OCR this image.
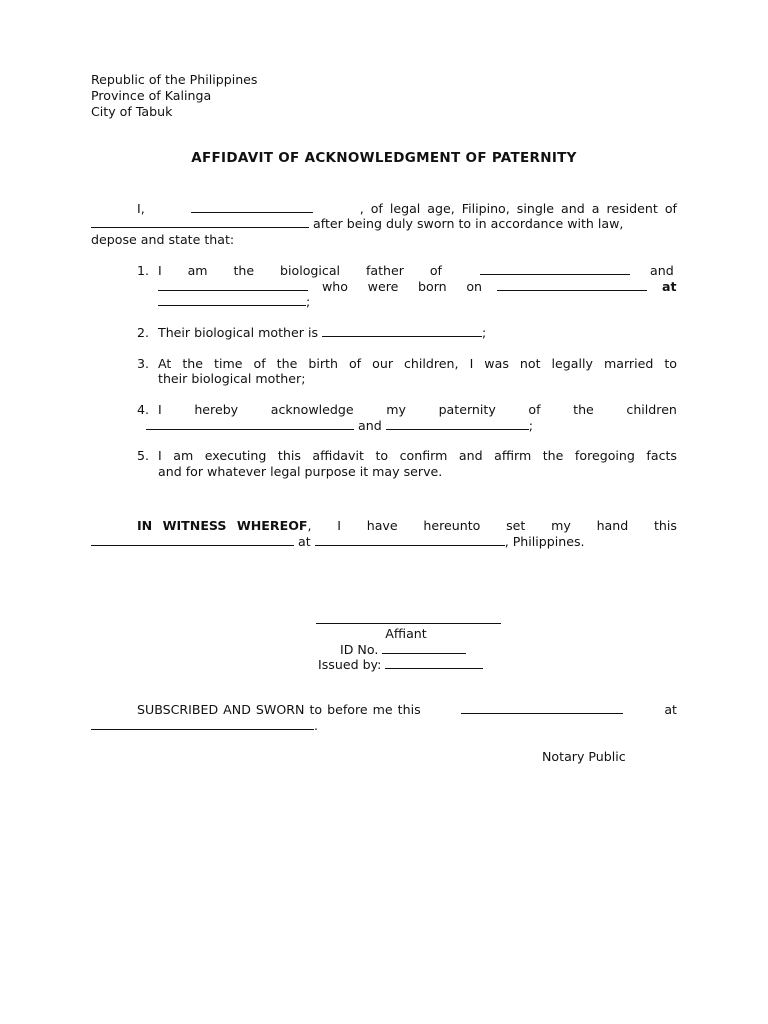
Republic of the Philippines
Province of Kalinga
City of Tabuk
AFFIDAVIT OF ACKNOWLEDGMENT OF PATERNITY
I,	, of legal age, Filipino, single and a resident of
after being duly sworn to in accordance with law,
depose and state that:
1. I am the biological father of	and
who were born on	at
;
2. Their biological mother is	;
3. At the time of the birth of our children, I was not legally married to
their biological mother;
4. I	hereby	acknowledge	my	paternity	of	the	children
and	;
5. I am executing this affidavit to confirm and affirm the foregoing facts
and for whatever legal purpose it may serve.
IN WITNESS WHEREOF, I have hereunto set my hand this
at	, Philippines.
Affiant
ID No.
Issued by:
SUBSCRIBED AND SWORN to before me this	at
.
Notary Public
